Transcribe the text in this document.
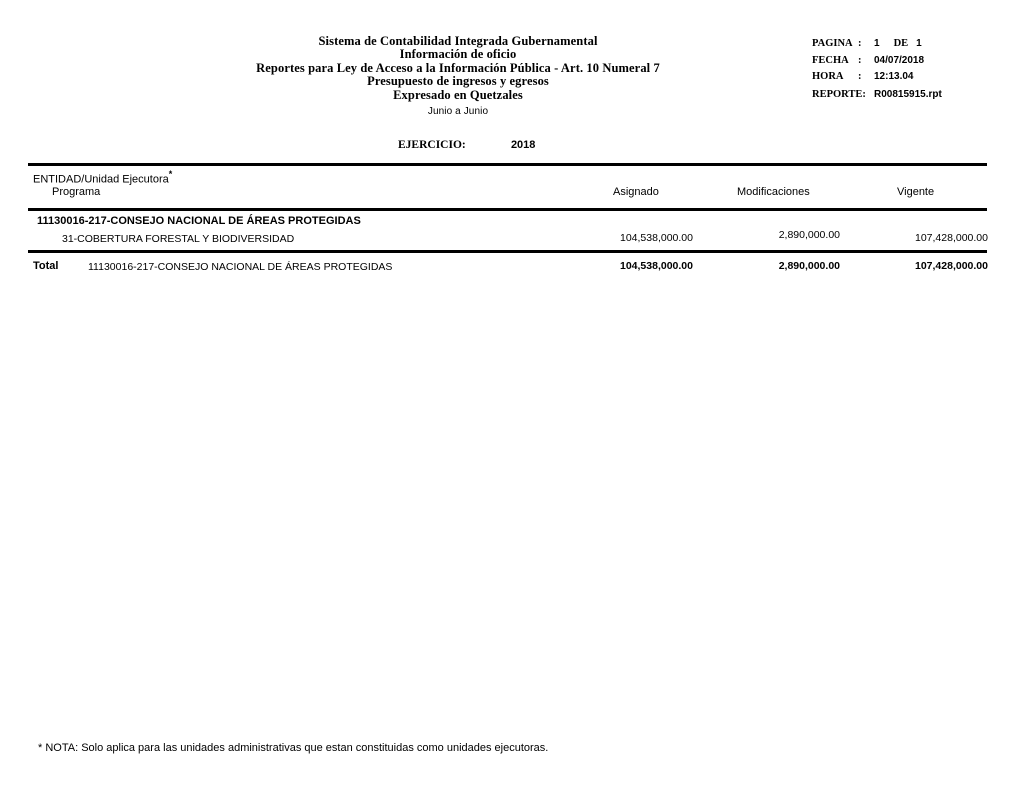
Sistema de Contabilidad Integrada Gubernamental
Información de oficio
Reportes para Ley de Acceso a la Información Pública - Art. 10 Numeral 7
Presupuesto de ingresos y egresos
Expresado en Quetzales
Junio a Junio
EJERCICIO:	2018
PAGINA :	1 DE 1
FECHA :	04/07/2018
HORA	:	12:13.04
REPORTE: R00815915.rpt
ENTIDAD/Unidad Ejecutora*
Programa	Asignado	Modificaciones	Vigente
11130016-217-CONSEJO NACIONAL DE ÁREAS PROTEGIDAS
31-COBERTURA FORESTAL Y BIODIVERSIDAD	104,538,000.00	2,890,000.00	107,428,000.00
Total	11130016-217-CONSEJO NACIONAL DE ÁREAS PROTEGIDAS	104,538,000.00	2,890,000.00	107,428,000.00
* NOTA: Solo aplica para las unidades administrativas que estan constituidas como unidades ejecutoras.
